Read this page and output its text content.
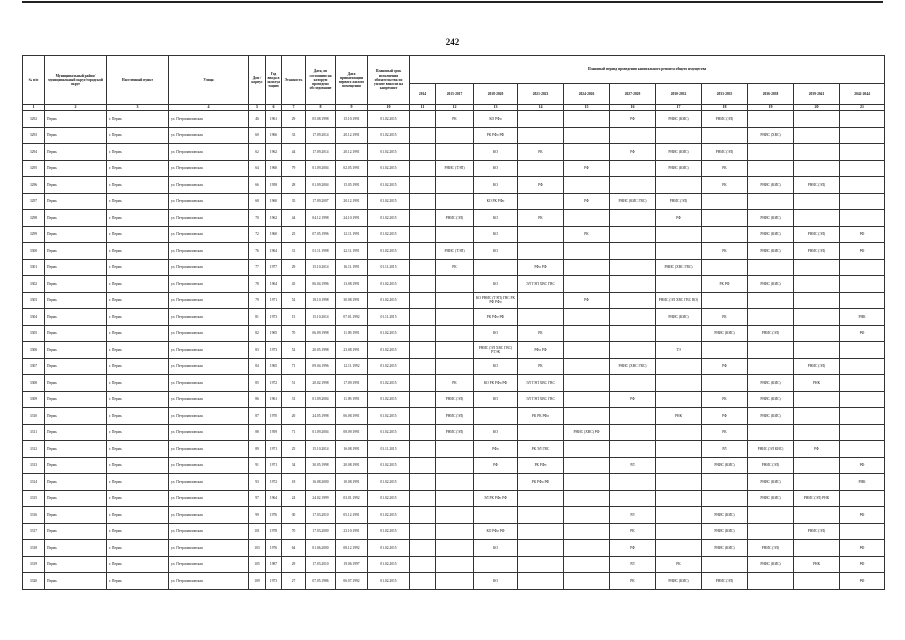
242
№ п/п	Муниципальный район/ муниципальный округ/городской округ	Населенный пункт	Улица	Дом / корпус	Год ввода в эксплуатацию	Этажность	Дата, по состоянию на которую проведено обследование	Дата приватизации первого жилого помещения	Плановый срок исполнения обязательства по уплате взносов на капремонт	Плановый период проведения капитального ремонта общего имущества										
										2014	2015-2017	2018-2020	2021-2023	2024-2026	2027-2029	2030-2032	2033-2035	2036-2038	2039-2041	2042-2044
1	2	3	4	5	6	7	8	9	10	11	12	13	14	15	16	17	18	19	20	21
3292	Пермь	г. Пермь	ул. Петропавловская	46	1961	29	05.08.1998	15.10.1991	01.02.2015		РК	КО РФо			РФ	РНИС (КИС)	РНИС (ЭЛ)			
3293	Пермь	г. Пермь	ул. Петропавловская	60	1966	33	17.09.2014	20.12.1991	01.02.2015			РК РФо РФ						РНИС (ХВС)		
3294	Пермь	г. Пермь	ул. Петропавловская	62	1962	44	17.09.2014	20.12.1991	01.02.2015			КО	РК		РФ	РНИС (КИС)	РНИС (ЭЛ)			
3295	Пермь	г. Пермь	ул. Петропавловская	64	1960	79	01.09.2004	02.05.1991	01.02.2015		РНИС (ТЭП)	КО		РФ		РНИС (КИС)	РК			
3296	Пермь	г. Пермь	ул. Петропавловская	66	1958	28	01.09.2004	15.05.1991	01.02.2015			КО	РФ				РК	РНИС (КИС)	РНИС (ЭЛ)	
3297	Пермь	г. Пермь	ул. Петропавловская	68	1960	35	17.09.2007	20.12.1991	01.02.2015			КО РК РФо		РФ	РНИС (КИС ГВС)	РНИС (ЭЛ)				
3298	Пермь	г. Пермь	ул. Петропавловская	70	1962	44	04.12.1998	24.10.1991	01.02.2015		РНИС (ЭЛ)	КО	РК			РФ		РНИС (КИС)		
3299	Пермь	г. Пермь	ул. Петропавловская	72	1960	25	07.05.1996	12.11.1991	01.02.2015			КО		РК				РНИС (КИС)	РНИС (ЭЛ)	РФ
3300	Пермь	г. Пермь	ул. Петропавловская	76	1964	31	01.11.1998	22.11.1991	01.02.2015		РНИС (ТЭП)	КО					РК	РНИС (КИС)	РНИС (ЭЛ)	РФ
3301	Пермь	г. Пермь	ул. Петропавловская	77	1977	29	15.10.2014	16.11.1991	01.11.2015		РК		РФо РФ			РНИС (ХВС ГВС)				
3302	Пермь	г. Пермь	ул. Петропавловская	78	1964	45	06.04.1996	13.08.1991	01.02.2015			КО	ЭЛ ТЭП ХВС ГВС				РК РФ	РНИС (КИС)		
3303	Пермь	г. Пермь	ул. Петропавловская	79	1971	52	18.10.1998	30.08.1991	01.02.2015			КО РНИС (ТЭП) ГВС РК РФ РФо		РФ		РНИС (ЭЛ ХВС ГВС ВО)				
3304	Пермь	г. Пермь	ул. Петропавловская	81	1973	15	15.10.2014	07.01.1992	01.11.2015			РК РФо РФ				РНИС (КИС)	РК			РНК
3305	Пермь	г. Пермь	ул. Петропавловская	82	1965	70	06.09.1998	11.09.1991	01.02.2015			КО	РК				РНИС (КИС)	РНИС (ЭЛ)		РФ
3306	Пермь	г. Пермь	ул. Петропавловская	83	1973	52	20.05.1998	23.08.1991	01.02.2015			РНИС (ЭЛ ХВС ГВС) РТЭК	РФо РФ			ТЭ				
3307	Пермь	г. Пермь	ул. Петропавловская	84	1965	71	09.04.1996	12.11.1992	01.02.2015			КО	РК		РНИС (ХВС ГВС)		РФ		РНИС (ЭЛ)	
3308	Пермь	г. Пермь	ул. Петропавловская	85	1972	51	20.02.1998	17.09.1991	01.02.2015		РК	КО РК РФо РФ	ЭЛ ТЭП ХВС ГВС					РНИС (КИС)	РНК	
3309	Пермь	г. Пермь	ул. Петропавловская	86	1961	31	01.09.2004	11.09.1991	01.02.2015		РНИС (ЭЛ)	КО	ЭЛ ТЭП ХВС ГВС		РФ		РК	РНИС (КИС)		
3310	Пермь	г. Пермь	ул. Петропавловская	87	1970	20	24.05.1998	06.08.1991	01.02.2015		РНИС (ЭЛ)		РК РК РФо			РНК	РФ	РНИС (КИС)		
3311	Пермь	г. Пермь	ул. Петропавловская	88	1959	71	01.09.2004	08.09.1991	01.02.2015		РНИС (ЭЛ)	КО		РНИС (ХВС) РФ			РК			
3312	Пермь	г. Пермь	ул. Петропавловская	89	1971	25	15.10.2014	16.08.1991	01.11.2015			РФо	РК ЭЛ ГВС				РЛ	РНИС (ЭЛ КИС)	РФ	
3313	Пермь	г. Пермь	ул. Петропавловская	91	1971	34	30.05.1998	20.08.1991	01.02.2015			РФ	РК РФо		РЛ		РНИС (КИС)	РНИС (ЭЛ)		РФ
3314	Пермь	г. Пермь	ул. Петропавловская	93	1972	18	16.08.2000	10.08.1991	01.02.2015				РК РФо РФ					РНИС (КИС)		РНК
3315	Пермь	г. Пермь	ул. Петропавловская	97	1964	24	24.02.1999	03.01.1992	01.02.2015			ЭЛ РК РФо РФ						РНИС (КИС)	РНИС (ЭЛ) РНК	
3316	Пермь	г. Пермь	ул. Петропавловская	99	1976	30	17.03.2010	05.12.1991	01.02.2015						РЛ		РНИС (КИС)			РФ
3317	Пермь	г. Пермь	ул. Петропавловская	101	1978	70	17.03.2000	23.10.1991	01.02.2015			КО РФо РФ			РК		РНИС (КИС)		РНИС (ЭЛ)	
3318	Пермь	г. Пермь	ул. Петропавловская	103	1976	64	01.06.2000	08.12.1992	01.02.2015			КО			РФ		РНИС (КИС)	РНИС (ЭЛ)		РФ
3319	Пермь	г. Пермь	ул. Петропавловская	105	1987	29	17.03.2010	19.06.1997	01.02.2015						РЛ	РК		РНИС (КИС)	РНК	РФ
3320	Пермь	г. Пермь	ул. Петропавловская	109	1973	27	07.05.1986	06.07.1992	01.02.2015			КО			РК	РНИС (КИС)	РНИС (ЭЛ)			РФ
